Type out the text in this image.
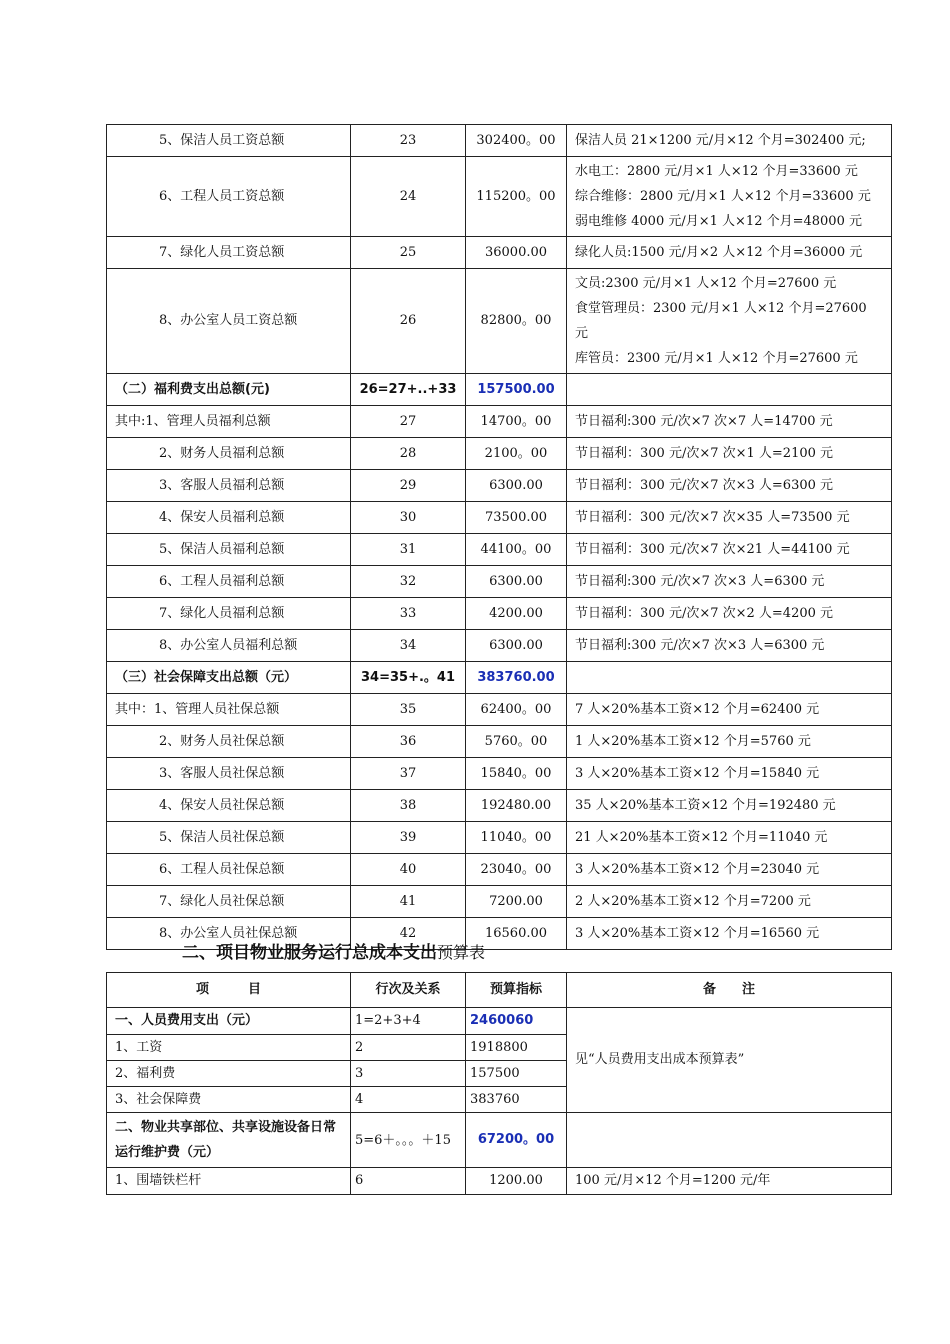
5、保洁人员工资总额	23	302400。00	保洁人员 21×1200 元/月×12 个月=302400 元;

6、工程人员工资总额	24	115200。00	水电工：2800 元/月×1 人×12 个月=33600 元
综合维修：2800 元/月×1 人×12 个月=33600 元
弱电维修 4000 元/月×1 人×12 个月=48000 元

7、绿化人员工资总额	25	36000.00	绿化人员:1500 元/月×2 人×12 个月=36000 元

8、办公室人员工资总额	26	82800。00	文员:2300 元/月×1 人×12 个月=27600 元
食堂管理员：2300 元/月×1 人×12 个月=27600
元
库管员：2300 元/月×1 人×12 个月=27600 元

（二）福利费支出总额(元)	26=27+..+33	157500.00	

其中:1、管理人员福利总额	27	14700。00	节日福利:300 元/次×7 次×7 人=14700 元

2、财务人员福利总额	28	2100。00	节日福利：300 元/次×7 次×1 人=2100 元

3、客服人员福利总额	29	6300.00	节日福利：300 元/次×7 次×3 人=6300 元

4、保安人员福利总额	30	73500.00	节日福利：300 元/次×7 次×35 人=73500 元

5、保洁人员福利总额	31	44100。00	节日福利：300 元/次×7 次×21 人=44100 元

6、工程人员福利总额	32	6300.00	节日福利:300 元/次×7 次×3 人=6300 元

7、绿化人员福利总额	33	4200.00	节日福利：300 元/次×7 次×2 人=4200 元

8、办公室人员福利总额	34	6300.00	节日福利:300 元/次×7 次×3 人=6300 元

（三）社会保障支出总额（元）	34=35+.。41	383760.00	

其中：1、管理人员社保总额	35	62400。00	7 人×20%基本工资×12 个月=62400 元

2、财务人员社保总额	36	5760。00	1 人×20%基本工资×12 个月=5760 元

3、客服人员社保总额	37	15840。00	3 人×20%基本工资×12 个月=15840 元

4、保安人员社保总额	38	192480.00	35 人×20%基本工资×12 个月=192480 元

5、保洁人员社保总额	39	11040。00	21 人×20%基本工资×12 个月=11040 元

6、工程人员社保总额	40	23040。00	3 人×20%基本工资×12 个月=23040 元

7、绿化人员社保总额	41	7200.00	2 人×20%基本工资×12 个月=7200 元

8、办公室人员社保总额	42	16560.00	3 人×20%基本工资×12 个月=16560 元
二、项目物业服务运行总成本支出预算表
项　　　目	行次及关系	预算指标	备　　注
一、人员费用支出（元）	1=2+3+4	2460060	见“人员费用支出成本预算表”
1、工资	2	1918800	
2、福利费	3	157500	
3、社会保障费	4	383760	
二、物业共享部位、共享设施设备日常运行维护费（元）	5=6＋。。。＋15	67200。00	
1、围墙铁栏杆	6	1200.00	100 元/月×12 个月=1200 元/年
